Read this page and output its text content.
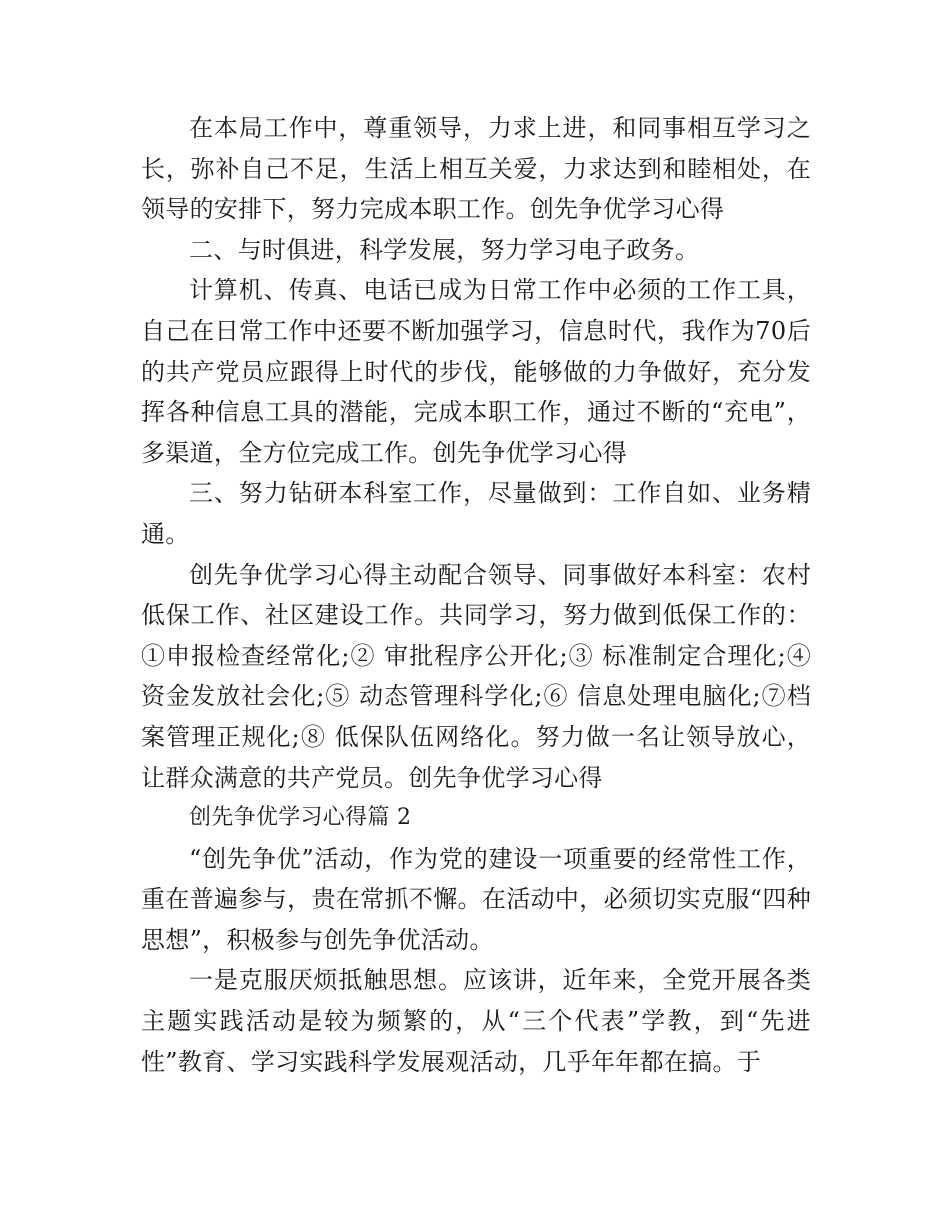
在本局工作中，尊重领导，力求上进，和同事相互学习之长，弥补自己不足，生活上相互关爱，力求达到和睦相处，在领导的安排下，努力完成本职工作。创先争优学习心得

二、与时俱进，科学发展，努力学习电子政务。

计算机、传真、电话已成为日常工作中必须的工作工具，自己在日常工作中还要不断加强学习，信息时代，我作为70后的共产党员应跟得上时代的步伐，能够做的力争做好，充分发挥各种信息工具的潜能，完成本职工作，通过不断的“充电”，多渠道，全方位完成工作。创先争优学习心得

三、努力钻研本科室工作，尽量做到：工作自如、业务精通。

创先争优学习心得主动配合领导、同事做好本科室：农村低保工作、社区建设工作。共同学习，努力做到低保工作的：①申报检查经常化;② 审批程序公开化;③ 标准制定合理化;④资金发放社会化;⑤ 动态管理科学化;⑥ 信息处理电脑化;⑦档案管理正规化;⑧ 低保队伍网络化。努力做一名让领导放心，让群众满意的共产党员。创先争优学习心得

创先争优学习心得篇 2

“创先争优”活动，作为党的建设一项重要的经常性工作，重在普遍参与，贵在常抓不懈。在活动中，必须切实克服“四种思想”，积极参与创先争优活动。

一是克服厌烦抵触思想。应该讲，近年来，全党开展各类主题实践活动是较为频繁的，从“三个代表”学教，到“先进性”教育、学习实践科学发展观活动，几乎年年都在搞。于
